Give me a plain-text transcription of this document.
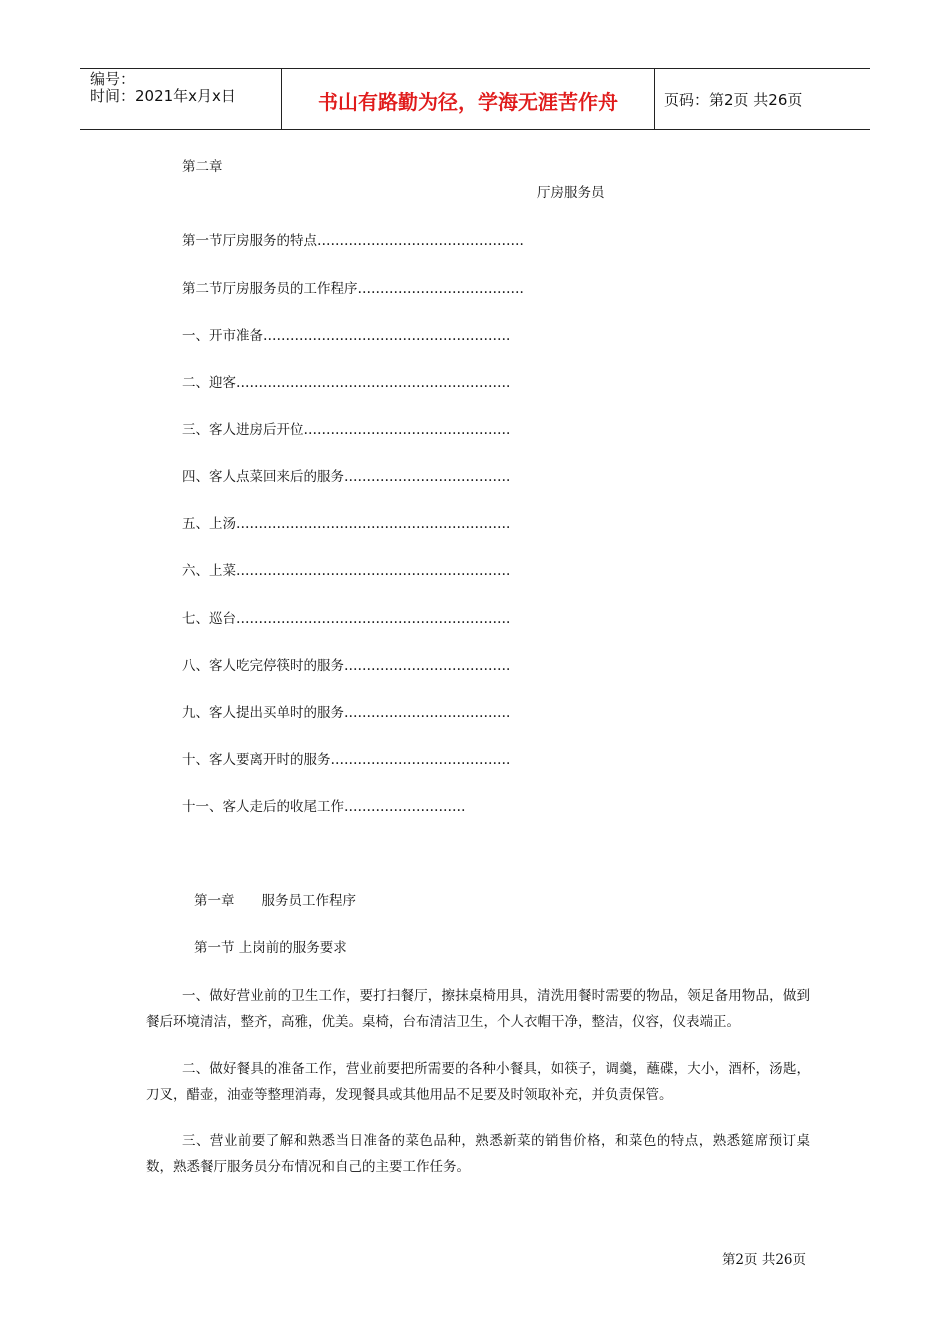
编号：
时间：2021年x月x日	书山有路勤为径，学海无涯苦作舟	页码：第2页 共26页
第二章
厅房服务员
第一节厅房服务的特点……………………………………….
第二节厅房服务员的工作程序……………………………….
一、开市准备……………………………………………….
二、迎客…………………………………………………….
三、客人进房后开位……………………………………….
四、客人点菜回来后的服务……………………………….
五、上汤…………………………………………………….
六、上菜…………………………………………………….
七、巡台…………………………………………………….
八、客人吃完停筷时的服务……………………………….
九、客人提出买单时的服务……………………………….
十、客人要离开时的服务………………………………….
十一、客人走后的收尾工作………………………
第一章　　服务员工作程序
第一节 上岗前的服务要求
一、做好营业前的卫生工作，要打扫餐厅，擦抹桌椅用具，清洗用餐时需要的物品，领足备用物品，做到餐后环境清洁，整齐，高雅，优美。桌椅，台布清洁卫生，个人衣帽干净，整洁，仪容，仪表端正。
二、做好餐具的准备工作，营业前要把所需要的各种小餐具，如筷子，调羹，蘸碟，大小，酒杯，汤匙，刀叉，醋壶，油壶等整理消毒，发现餐具或其他用品不足要及时领取补充，并负责保管。
三、营业前要了解和熟悉当日准备的菜色品种，熟悉新菜的销售价格，和菜色的特点，熟悉筵席预订桌数，熟悉餐厅服务员分布情况和自己的主要工作任务。
第2页 共26页
